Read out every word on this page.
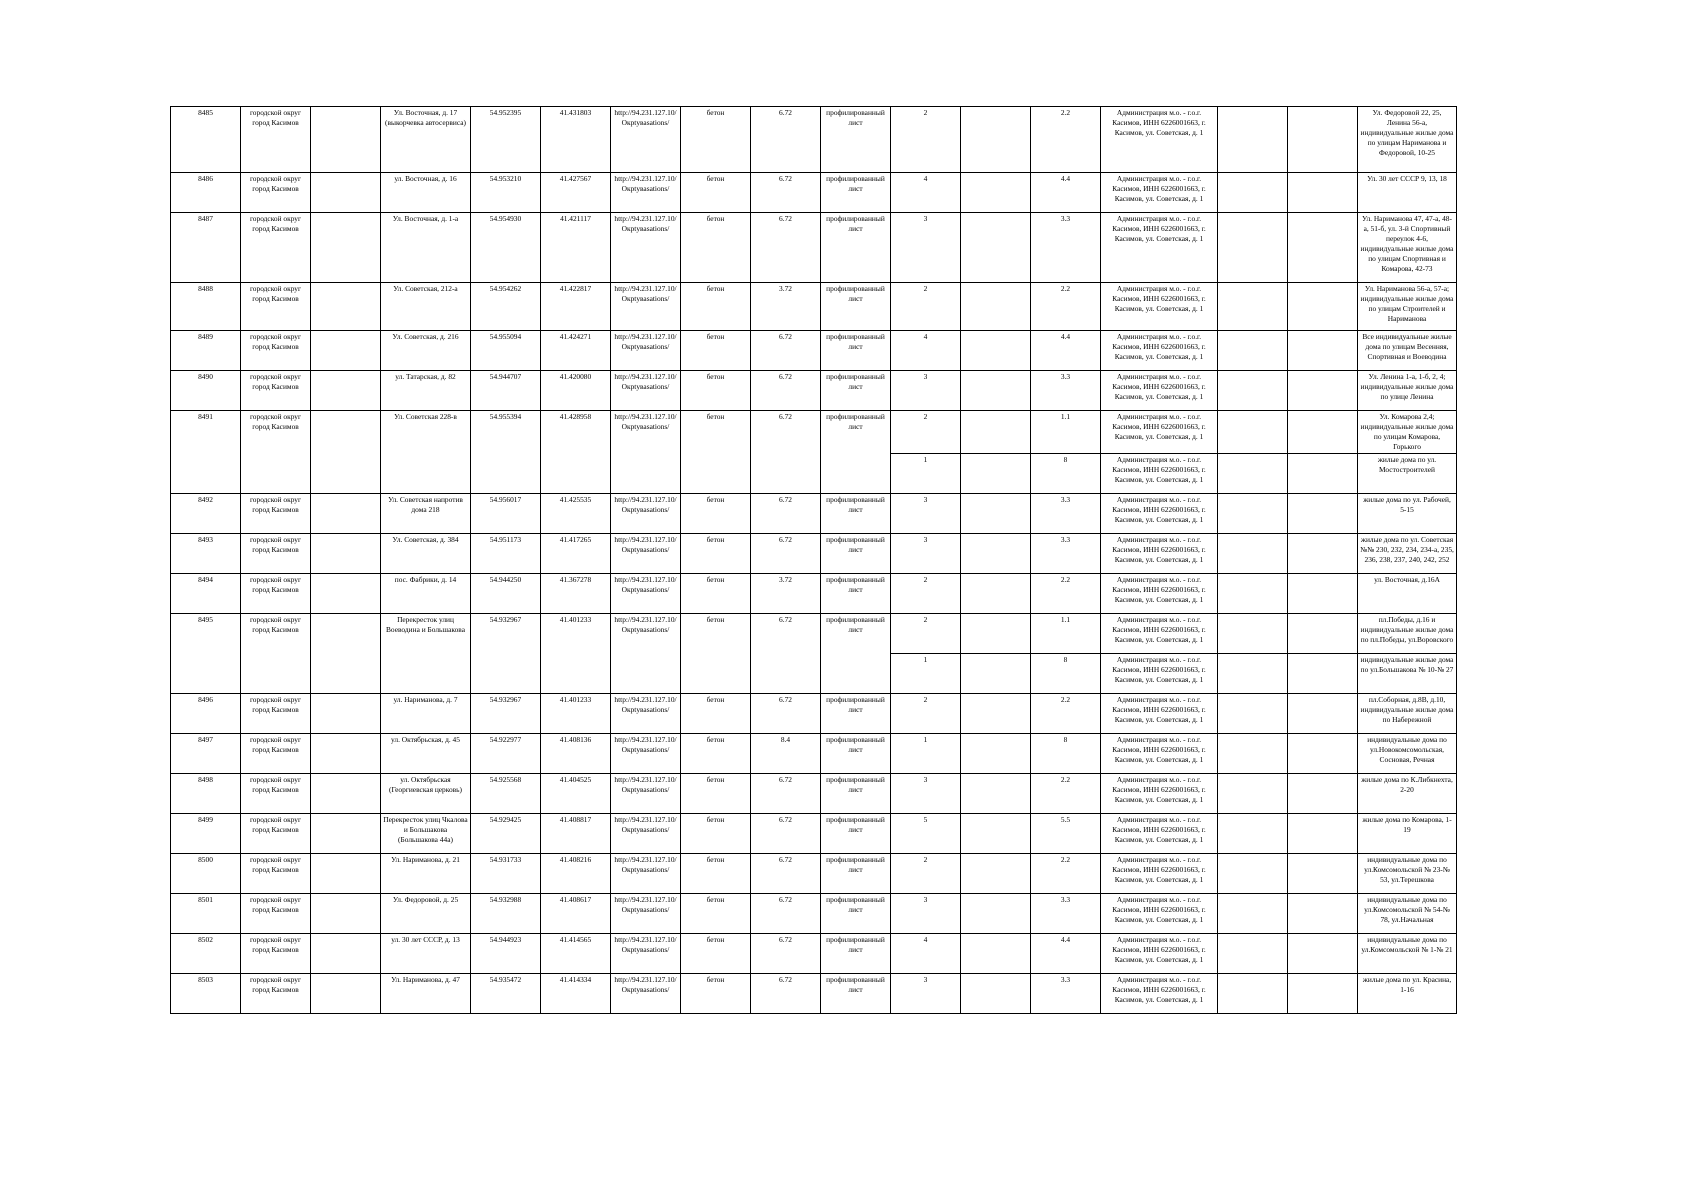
8485	городской округ город Касимов		Ул. Восточная, д. 17 (выкорчевка автосервиса)	54.952395	41.431803	http://94.231.127.10/Oкрtуваsations/	бетон	6.72	профилированный лист	2		2.2	Администрация м.о. - г.о.г. Касимов, ИНН 6226001663, г. Касимов, ул. Советская, д. 1			Ул. Федоровой 22, 25, Ленина 56-а, индивидуальные жилые дома по улицам Нариманова и Федоровой, 10-25
8486	городской округ город Касимов		ул. Восточная, д. 16	54.953210	41.427567	http://94.231.127.10/Oкрtуваsations/	бетон	6.72	профилированный лист	4		4.4	Администрация м.о. - г.о.г. Касимов, ИНН 6226001663, г. Касимов, ул. Советская, д. 1			Ул. 30 лет СССР 9, 13, 18
8487	городской округ город Касимов		Ул. Восточная, д. 1-а	54.954930	41.421117	http://94.231.127.10/Oкрtуваsations/	бетон	6.72	профилированный лист	3		3.3	Администрация м.о. - г.о.г. Касимов, ИНН 6226001663, г. Касимов, ул. Советская, д. 1			Ул. Нариманова 47, 47-а, 48-а, 51-б, ул. 3-й Спортивный переулок 4-6, индивидуальные жилые дома по улицам Спортивная и Комарова, 42-73
8488	городской округ город Касимов		Ул. Советская, 212-а	54.954262	41.422817	http://94.231.127.10/Oкрtуваsations/	бетон	3.72	профилированный лист	2		2.2	Администрация м.о. - г.о.г. Касимов, ИНН 6226001663, г. Касимов, ул. Советская, д. 1			Ул. Нариманова 56-а, 57-а; индивидуальные жилые дома по улицам Строителей и Нариманова
8489	городской округ город Касимов		Ул. Советская, д. 216	54.955094	41.424271	http://94.231.127.10/Oкрtуваsations/	бетон	6.72	профилированный лист	4		4.4	Администрация м.о. - г.о.г. Касимов, ИНН 6226001663, г. Касимов, ул. Советская, д. 1			Все индивидуальные жилые дома по улицам Весенняя, Спортивная и Воеводина
8490	городской округ город Касимов		ул. Татарская, д. 82	54.944707	41.420080	http://94.231.127.10/Oкрtуваsations/	бетон	6.72	профилированный лист	3		3.3	Администрация м.о. - г.о.г. Касимов, ИНН 6226001663, г. Касимов, ул. Советская, д. 1			Ул. Ленина 1-а, 1-б, 2, 4; индивидуальные жилые дома по улице Ленина
8491	городской округ город Касимов		Ул. Советская 228-в	54.955394	41.428958	http://94.231.127.10/Oкрtуваsations/	бетон	6.72	профилированный лист	2		1.1	Администрация м.о. - г.о.г. Касимов, ИНН 6226001663, г. Касимов, ул. Советская, д. 1			Ул. Комарова 2,4; индивидуальные жилые дома по улицам Комарова, Горького
										1		8	Администрация м.о. - г.о.г. Касимов, ИНН 6226001663, г. Касимов, ул. Советская, д. 1			жилые дома по ул. Мостостроителей
8492	городской округ город Касимов		Ул. Советская напротив дома 218	54.956017	41.425535	http://94.231.127.10/Oкрtуваsations/	бетон	6.72	профилированный лист	3		3.3	Администрация м.о. - г.о.г. Касимов, ИНН 6226001663, г. Касимов, ул. Советская, д. 1			жилые дома по ул. Рабочей, 5-15
8493	городской округ город Касимов		Ул. Советская, д. 384	54.951173	41.417265	http://94.231.127.10/Oкрtуваsations/	бетон	6.72	профилированный лист	3		3.3	Администрация м.о. - г.о.г. Касимов, ИНН 6226001663, г. Касимов, ул. Советская, д. 1			жилые дома по ул. Советская №№ 230, 232, 234, 234-а, 235, 236, 238, 237, 240, 242, 252
8494	городской округ город Касимов		пос. Фабрики, д. 14	54.944250	41.367278	http://94.231.127.10/Oкрtуваsations/	бетон	3.72	профилированный лист	2		2.2	Администрация м.о. - г.о.г. Касимов, ИНН 6226001663, г. Касимов, ул. Советская, д. 1			ул. Восточная, д.16А
8495	городской округ город Касимов		Перекресток улиц Воеводина и Большакова	54.932967	41.401233	http://94.231.127.10/Oкрtуваsations/	бетон	6.72	профилированный лист	2		1.1	Администрация м.о. - г.о.г. Касимов, ИНН 6226001663, г. Касимов, ул. Советская, д. 1			пл.Победы, д.16 и индивидуальные жилые дома по пл.Победы, ул.Воровского
										1		8	Администрация м.о. - г.о.г. Касимов, ИНН 6226001663, г. Касимов, ул. Советская, д. 1			индивидуальные жилые дома по ул.Большакова № 10-№ 27
8496	городской округ город Касимов		ул. Нариманова, д. 7	54.932967	41.401233	http://94.231.127.10/Oкрtуваsations/	бетон	6.72	профилированный лист	2		2.2	Администрация м.о. - г.о.г. Касимов, ИНН 6226001663, г. Касимов, ул. Советская, д. 1			пл.Соборная, д.8В, д.10, индивидуальные жилые дома по Набережной
8497	городской округ город Касимов		ул. Октябрьская, д. 45	54.922977	41.408136	http://94.231.127.10/Oкрtуваsations/	бетон	8.4	профилированный лист	1		8	Администрация м.о. - г.о.г. Касимов, ИНН 6226001663, г. Касимов, ул. Советская, д. 1			индивидуальные дома по ул.Новокомсомольская, Сосновая, Речная
8498	городской округ город Касимов		ул. Октябрьская (Георгиевская церковь)	54.925568	41.404525	http://94.231.127.10/Oкрtуваsations/	бетон	6.72	профилированный лист	3		2.2	Администрация м.о. - г.о.г. Касимов, ИНН 6226001663, г. Касимов, ул. Советская, д. 1			жилые дома по К.Либкнехта, 2-20
8499	городской округ город Касимов		Перекресток улиц Чкалова и Большакова (Большакова 44а)	54.929425	41.408817	http://94.231.127.10/Oкрtуваsations/	бетон	6.72	профилированный лист	5		5.5	Администрация м.о. - г.о.г. Касимов, ИНН 6226001663, г. Касимов, ул. Советская, д. 1			жилые дома по Комарова, 1-19
8500	городской округ город Касимов		Ул. Нариманова, д. 21	54.931733	41.408216	http://94.231.127.10/Oкрtуваsations/	бетон	6.72	профилированный лист	2		2.2	Администрация м.о. - г.о.г. Касимов, ИНН 6226001663, г. Касимов, ул. Советская, д. 1			индивидуальные дома по ул.Комсомольской № 23-№ 53, ул.Терешкова
8501	городской округ город Касимов		Ул. Федоровой, д. 25	54.932988	41.408617	http://94.231.127.10/Oкрtуваsations/	бетон	6.72	профилированный лист	3		3.3	Администрация м.о. - г.о.г. Касимов, ИНН 6226001663, г. Касимов, ул. Советская, д. 1			индивидуальные дома по ул.Комсомольской № 54-№ 78, ул.Начальная
8502	городской округ город Касимов		ул. 30 лет СССР, д. 13	54.944923	41.414565	http://94.231.127.10/Oкрtуваsations/	бетон	6.72	профилированный лист	4		4.4	Администрация м.о. - г.о.г. Касимов, ИНН 6226001663, г. Касимов, ул. Советская, д. 1			индивидуальные дома по ул.Комсомольской № 1-№ 21
8503	городской округ город Касимов		Ул. Нариманова, д. 47	54.935472	41.414334	http://94.231.127.10/Oкрtуваsations/	бетон	6.72	профилированный лист	3		3.3	Администрация м.о. - г.о.г. Касимов, ИНН 6226001663, г. Касимов, ул. Советская, д. 1			жилые дома по ул. Красина, 1-16
